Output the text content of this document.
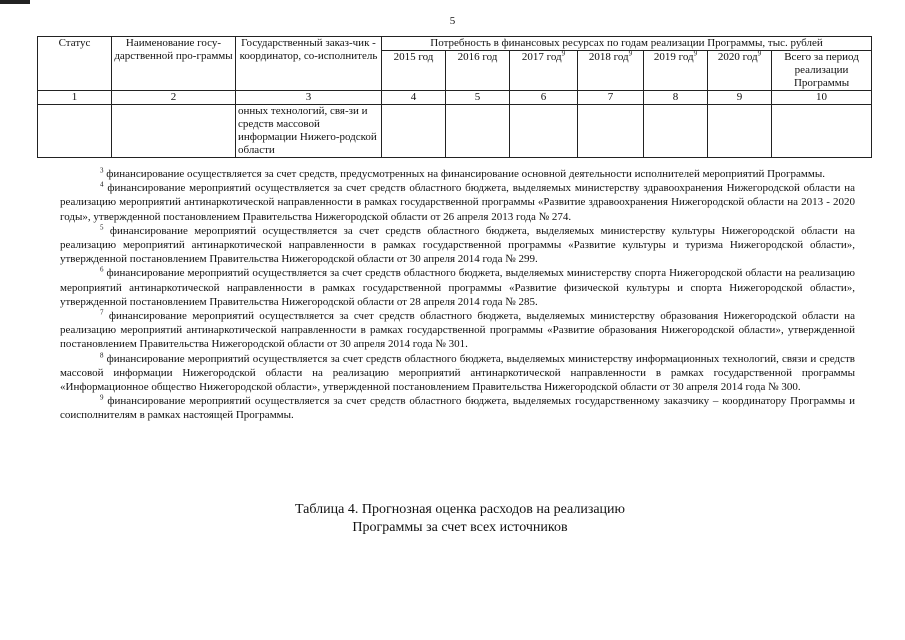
5
Статус	Наименование госу-дарственной про-граммы	Государственный заказ-чик - координатор, со-исполнитель	Потребность в финансовых ресурсах по годам реализации Программы, тыс. рублей						
			2015 год	2016 год	2017 год$^9$	2018 год$^9$	2019 год$^9$	2020 год$^9$	Всего за период реализации Программы
1	2	3	4	5	6	7	8	9	10
		онных технологий, свя-зи и средств массовой информации Нижего-родской области							

$^3$ финансирование осуществляется за счет средств, предусмотренных на финансирование основной деятельности исполнителей мероприятий Программы.

$^4$ финансирование мероприятий осуществляется за счет средств областного бюджета, выделяемых министерству здравоохранения Нижегородской области на реализацию мероприятий антинаркотической направленности в рамках государственной программы «Развитие здравоохранения Нижегородской области на 2013 - 2020 годы», утвержденной постановлением Правительства Нижегородской области от 26 апреля 2013 года № 274.

$^5$ финансирование мероприятий осуществляется за счет средств областного бюджета, выделяемых министерству культуры Нижегородской области на реализацию мероприятий антинаркотической направленности в рамках государственной программы «Развитие культуры и туризма Нижегородской области», утвержденной постановлением Правительства Нижегородской области от 30 апреля 2014 года № 299.

$^6$ финансирование мероприятий осуществляется за счет средств областного бюджета, выделяемых министерству спорта Нижегородской области на реализацию мероприятий антинаркотической направленности в рамках государственной программы «Развитие физической культуры и спорта Нижегородской области», утвержденной постановлением Правительства Нижегородской области от 28 апреля 2014 года № 285.

$^7$ финансирование мероприятий осуществляется за счет средств областного бюджета, выделяемых министерству образования Нижегородской области на реализацию мероприятий антинаркотической направленности в рамках государственной программы «Развитие образования Нижегородской области», утвержденной постановлением Правительства Нижегородской области от 30 апреля 2014 года № 301.

$^8$ финансирование мероприятий осуществляется за счет средств областного бюджета, выделяемых министерству информационных технологий, связи и средств массовой информации Нижегородской области на реализацию мероприятий антинаркотической направленности в рамках государственной программы «Информационное общество Нижегородской области», утвержденной постановлением Правительства Нижегородской области от 30 апреля 2014 года № 300.

$^9$ финансирование мероприятий осуществляется за счет средств областного бюджета, выделяемых государственному заказчику – координатору Программы и соисполнителям в рамках настоящей Программы.

Таблица 4. Прогнозная оценка расходов на реализацию
Программы за счет всех источников
